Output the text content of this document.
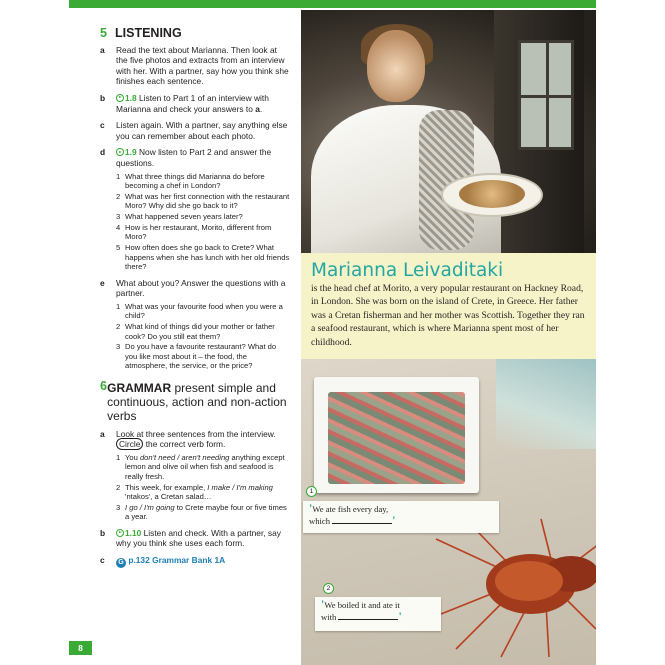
5 LISTENING
a	Read the text about Marianna. Then look at the five photos and extracts from an interview with her. With a partner, say how you think she finishes each sentence.
b	1.8 Listen to Part 1 of an interview with Marianna and check your answers to a.
c	Listen again. With a partner, say anything else you can remember about each photo.
d	1.9 Now listen to Part 2 and answer the questions.
1 What three things did Marianna do before becoming a chef in London?
2 What was her first connection with the restaurant Moro? Why did she go back to it?
3 What happened seven years later?
4 How is her restaurant, Morito, different from Moro?
5 How often does she go back to Crete? What happens when she has lunch with her old friends there?
e	What about you? Answer the questions with a partner.
1 What was your favourite food when you were a child?
2 What kind of things did your mother or father cook? Do you still eat them?
3 Do you have a favourite restaurant? What do you like most about it – the food, the atmosphere, the service, or the price?
6 GRAMMAR present simple and continuous, action and non-action verbs
a	Look at three sentences from the interview. Circle the correct verb form.
1 You don't need / aren't needing anything except lemon and olive oil when fish and seafood is really fresh.
2 This week, for example, I make / I'm making 'ntakos', a Cretan salad…
3 I go / I'm going to Crete maybe four or five times a year.
b	1.10 Listen and check. With a partner, say why you think she uses each form.
c	G p.132 Grammar Bank 1A
8
Marianna Leivaditaki
is the head chef at Morito, a very popular restaurant on Hackney Road, in London. She was born on the island of Crete, in Greece. Her father was a Cretan fisherman and her mother was Scottish. Together they ran a seafood restaurant, which is where Marianna spent most of her childhood.
1
'We ate fish every day,
which	'
2
'We boiled it and ate it
with	'
